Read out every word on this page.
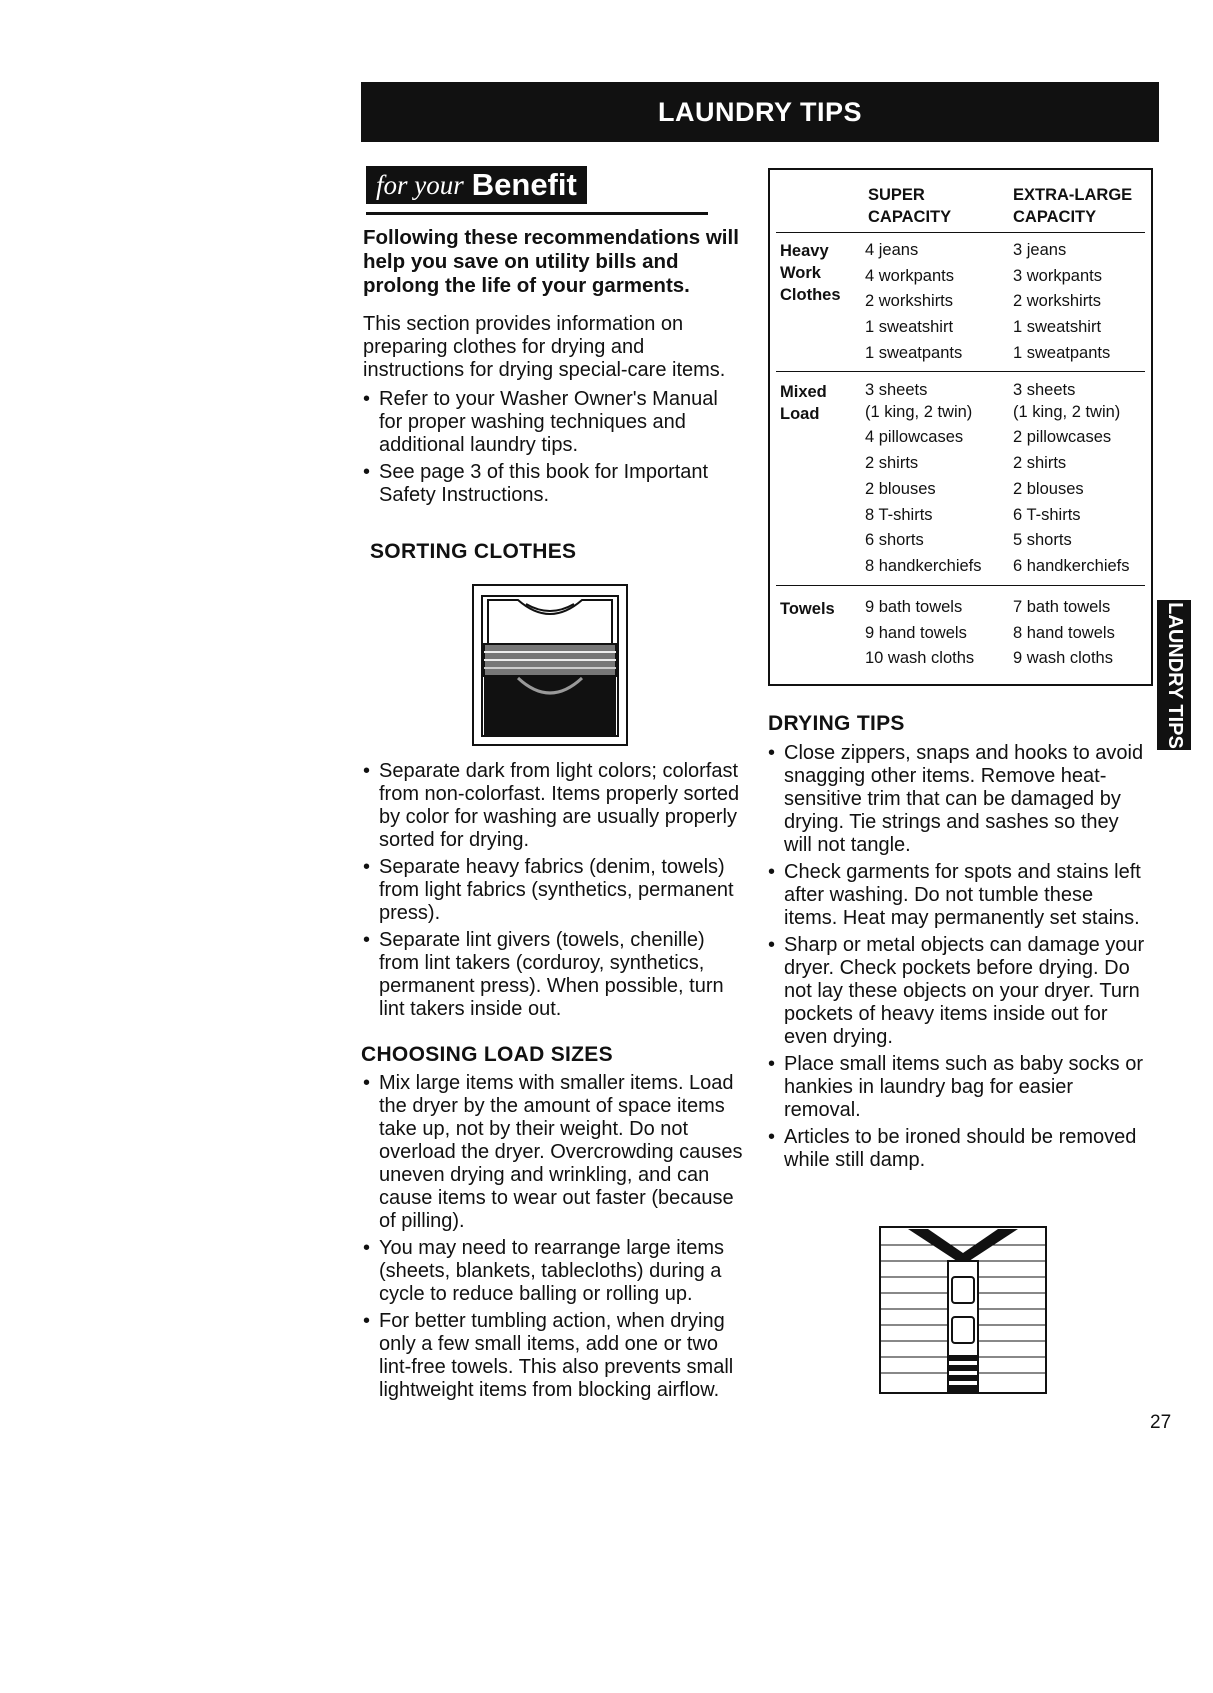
LAUNDRY TIPS
for your Benefit
Following these recommendations will help you save on utility bills and prolong the life of your garments.
This section provides information on preparing clothes for drying and instructions for drying special-care items.
• Refer to your Washer Owner's Manual for proper washing techniques and additional laundry tips.
• See page 3 of this book for Important Safety Instructions.
SORTING CLOTHES
• Separate dark from light colors; colorfast from non-colorfast. Items properly sorted by color for washing are usually properly sorted for drying.
• Separate heavy fabrics (denim, towels) from light fabrics (synthetics, permanent press).
• Separate lint givers (towels, chenille) from lint takers (corduroy, synthetics, permanent press). When possible, turn lint takers inside out.
CHOOSING LOAD SIZES
• Mix large items with smaller items. Load the dryer by the amount of space items take up, not by their weight. Do not overload the dryer. Overcrowding causes uneven drying and wrinkling, and can cause items to wear out faster (because of pilling).
• You may need to rearrange large items (sheets, blankets, tablecloths) during a cycle to reduce balling or rolling up.
• For better tumbling action, when drying only a few small items, add one or two lint-free towels. This also prevents small lightweight items from blocking airflow.
SUPER CAPACITY
EXTRA-LARGE CAPACITY
Heavy Work Clothes
4 jeans
4 workpants
2 workshirts
1 sweatshirt
1 sweatpants
3 jeans
3 workpants
2 workshirts
1 sweatshirt
1 sweatpants
Mixed Load
3 sheets
(1 king, 2 twin)
4 pillowcases
2 shirts
2 blouses
8 T-shirts
6 shorts
8 handkerchiefs
3 sheets
(1 king, 2 twin)
2 pillowcases
2 shirts
2 blouses
6 T-shirts
5 shorts
6 handkerchiefs
Towels	9 bath towels
9 hand towels
10 wash cloths
7 bath towels
8 hand towels
9 wash cloths
DRYING TIPS
• Close zippers, snaps and hooks to avoid snagging other items. Remove heat-sensitive trim that can be damaged by drying. Tie strings and sashes so they will not tangle.
• Check garments for spots and stains left after washing. Do not tumble these items. Heat may permanently set stains.
• Sharp or metal objects can damage your dryer. Check pockets before drying. Do not lay these objects on your dryer. Turn pockets of heavy items inside out for even drying.
• Place small items such as baby socks or hankies in laundry bag for easier removal.
• Articles to be ironed should be removed while still damp.
LAUNDRY TIPS
27
